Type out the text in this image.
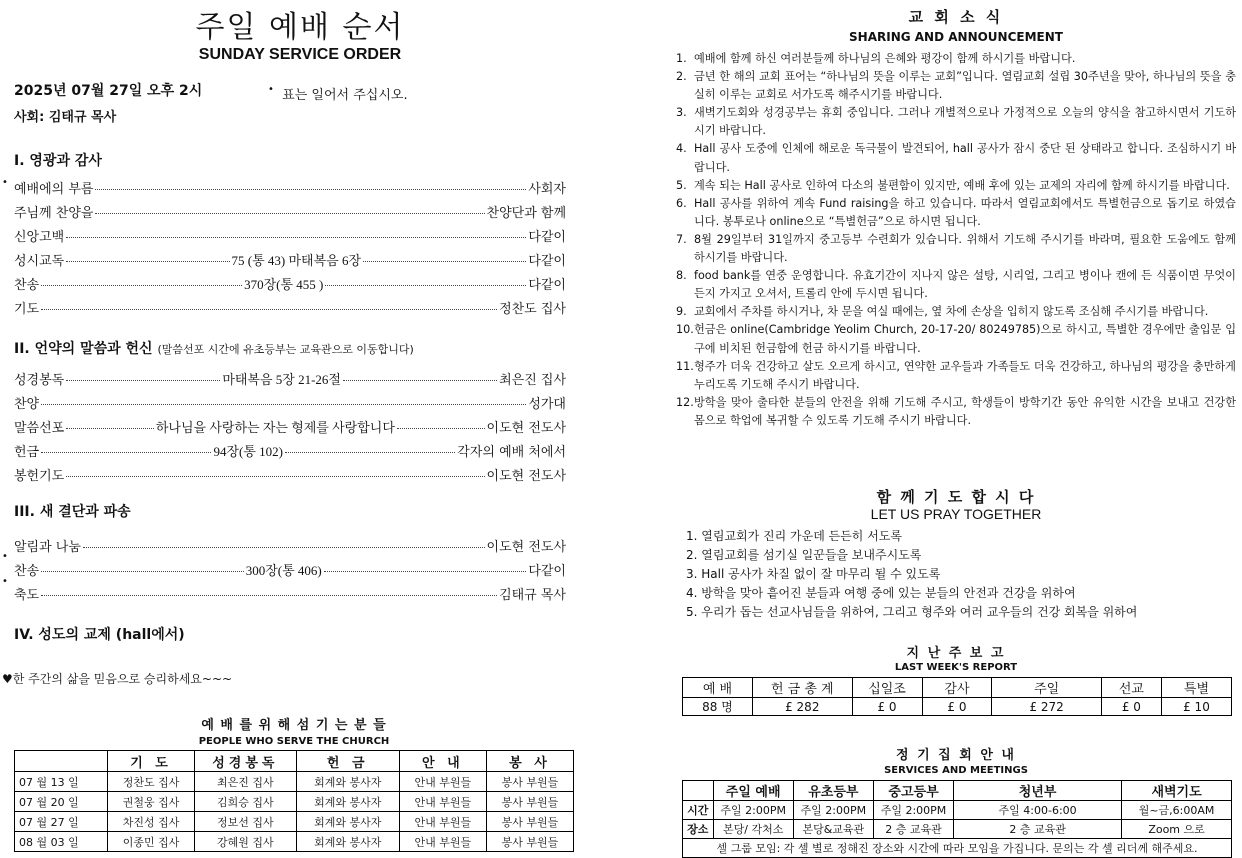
주일 예배 순서
SUNDAY SERVICE ORDER
2025년 07월 27일 오후 2시	• 표는 일어서 주십시오.
사회: 김태규 목사
I. 영광과 감사
II. 언약의 말씀과 헌신 (말씀선포 시간에 유초등부는 교육관으로 이동합니다)
III. 새 결단과 파송
IV. 성도의 교제 (hall에서)
예배에의 부름	사회자
주님께 찬양을	찬양단과 함께
신앙고백	다같이
성시교독	75 (통 43) 마태복음 6장	다같이
찬송	370장(통 455 )	다같이
기도	정찬도 집사
성경봉독	마태복음 5장 21-26절	최은진 집사
찬양	성가대
말씀선포	하나님을 사랑하는 자는 형제를 사랑합니다	이도현 전도사
헌금	94장(통 102)	각자의 예배 처에서
봉헌기도	이도현 전도사
알림과 나눔	이도현 전도사
찬송	300장(통 406)	다같이
축도	김태규 목사
•
•
•
♥한 주간의 삶을 믿음으로 승리하세요~~~
예 배 를 위 해 섬 기 는 분 들
PEOPLE WHO SERVE THE CHURCH
	기 도	성경봉독	헌 금	안 내	봉 사
07 월 13 일	정찬도 집사	최은진 집사	회계와 봉사자	안내 부원들	봉사 부원들
07 월 20 일	권철웅 집사	김희승 집사	회계와 봉사자	안내 부원들	봉사 부원들
07 월 27 일	차진성 집사	정보선 집사	회계와 봉사자	안내 부원들	봉사 부원들
08 월 03 일	이종민 집사	강혜원 집사	회계와 봉사자	안내 부원들	봉사 부원들
교 회 소 식
SHARING AND ANNOUNCEMENT
1. 예배에 함께 하신 여러분들께 하나님의 은혜와 평강이 함께 하시기를 바랍니다.
2. 금년 한 해의 교회 표어는 “하나님의 뜻을 이루는 교회”입니다. 열림교회 설립 30주년을 맞아, 하나님의 뜻을 충실히 이루는 교회로 서가도록 해주시기를 바랍니다.
3. 새벽기도회와 성경공부는 휴회 중입니다. 그러나 개별적으로나 가정적으로 오늘의 양식을 참고하시면서 기도하시기 바랍니다.
4. Hall 공사 도중에 인체에 해로운 독극물이 발견되어, hall 공사가 잠시 중단 된 상태라고 합니다. 조심하시기 바랍니다.
5. 계속 되는 Hall 공사로 인하여 다소의 불편함이 있지만, 예배 후에 있는 교제의 자리에 함께 하시기를 바랍니다.
6. Hall 공사를 위하여 계속 Fund raising을 하고 있습니다. 따라서 열림교회에서도 특별헌금으로 돕기로 하였습니다. 봉투로나 online으로 “특별헌금”으로 하시면 됩니다.
7. 8월 29일부터 31일까지 중고등부 수련회가 있습니다. 위해서 기도해 주시기를 바라며, 필요한 도움에도 함께 하시기를 바랍니다.
8. food bank를 연중 운영합니다. 유효기간이 지나지 않은 설탕, 시리얼, 그리고 병이나 캔에 든 식품이면 무엇이든지 가지고 오셔서, 트롤리 안에 두시면 됩니다.
9. 교회에서 주차를 하시거나, 차 문을 여실 때에는, 옆 차에 손상을 입히지 않도록 조심해 주시기를 바랍니다.
10. 헌금은 online(Cambridge Yeolim Church, 20-17-20/ 80249785)으로 하시고, 특별한 경우에만 출입문 입구에 비치된 헌금함에 헌금 하시기를 바랍니다.
11. 형주가 더욱 건강하고 살도 오르게 하시고, 연약한 교우들과 가족들도 더욱 건강하고, 하나님의 평강을 충만하게 누리도록 기도해 주시기 바랍니다.
12. 방학을 맞아 출타한 분들의 안전을 위해 기도해 주시고, 학생들이 방학기간 동안 유익한 시간을 보내고 건강한 몸으로 학업에 복귀할 수 있도록 기도해 주시기 바랍니다.
함 께 기 도 합 시 다
LET US PRAY TOGETHER
1. 열림교회가 진리 가운데 든든히 서도록
2. 열림교회를 섬기실 일꾼들을 보내주시도록
3. Hall 공사가 차질 없이 잘 마무리 될 수 있도록
4. 방학을 맞아 흩어진 분들과 여행 중에 있는 분들의 안전과 건강을 위하여
5. 우리가 돕는 선교사님들을 위하여, 그리고 형주와 여러 교우들의 건강 회복을 위하여
지 난 주 보 고
LAST WEEK'S REPORT
예 배	헌 금 총 계	십일조	감사	주일	선교	특별
88 명	£ 282	£ 0	£ 0	£ 272	£ 0	£ 10
정 기 집 회 안 내
SERVICES AND MEETINGS
	주일 예배	유초등부	중고등부	청년부	새벽기도
시간	주일 2:00PM	주일 2:00PM	주일 2:00PM	주일 4:00-6:00	월~금,6:00AM
장소	본당/ 각처소	본당&교육관	2 층 교육관	2 층 교육관	Zoom 으로
셀 그룹 모임: 각 셀 별로 정해진 장소와 시간에 따라 모임을 가집니다. 문의는 각 셀 리더께 해주세요.					
